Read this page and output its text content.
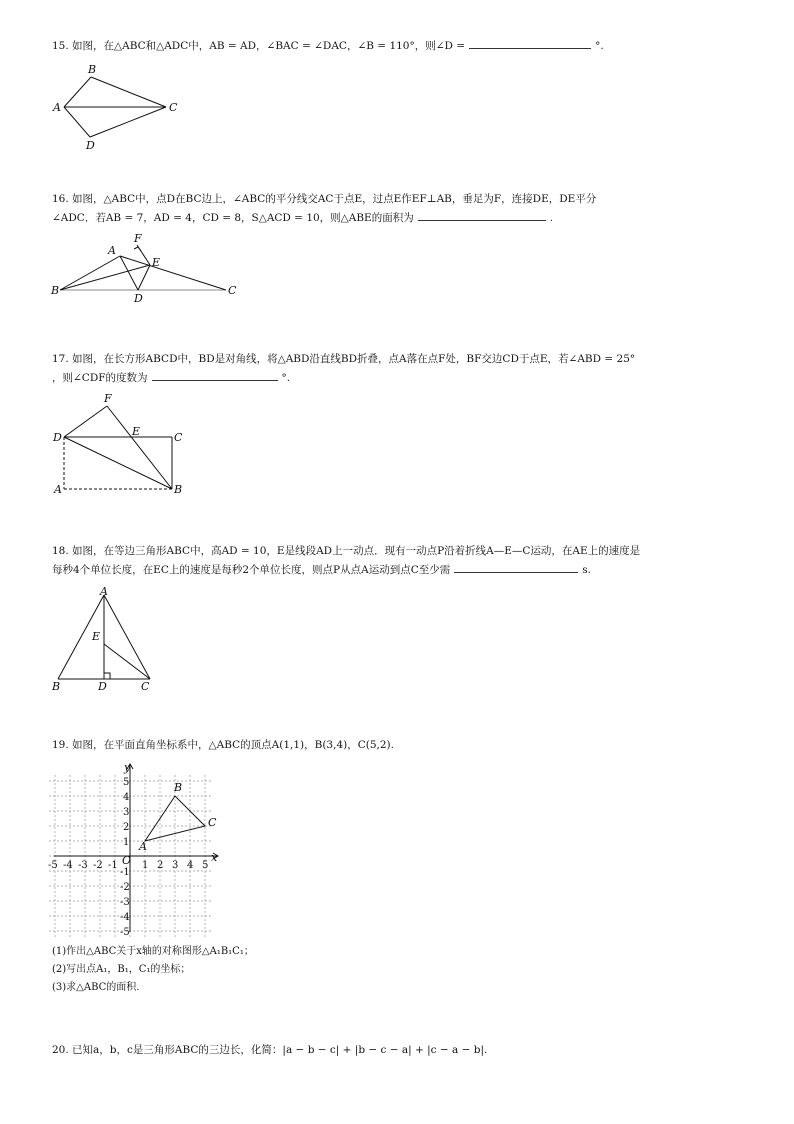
15. 如图，在△ABC和△ADC中，AB = AD，∠BAC = ∠DAC，∠B = 110°，则∠D =	°.
B
A	C
D
16. 如图，△ABC中，点D在BC边上，∠ABC的平分线交AC于点E，过点E作EF⊥AB，垂足为F，连接DE，DE平分
∠ADC．若AB = 7，AD = 4，CD = 8，S△ACD = 10，则△ABE的面积为	.
A
F
E
B
D
C
17. 如图，在长方形ABCD中，BD是对角线，将△ABD沿直线BD折叠，点A落在点F处，BF交边CD于点E，若∠ABD = 25°
，则∠CDF的度数为	°.
F
D	E	C
A	B
18. 如图，在等边三角形ABC中，高AD = 10，E是线段AD上一动点．现有一动点P沿着折线A—E—C运动，在AE上的速度是
每秒4个单位长度，在EC上的速度是每秒2个单位长度，则点P从点A运动到点C至少需	s.
A
E
B	D	C
19. 如图，在平面直角坐标系中，△ABC的顶点A(1,1)，B(3,4)，C(5,2).
-5 -4 -3 -2 -1 1 2 3 4 5
5
4
3
2
1
-1
-2
-3
-4
-5
A
B
C
O	x
y
(1)作出△ABC关于x轴的对称图形△A₁B₁C₁；
(2)写出点A₁，B₁，C₁的坐标；
(3)求△ABC的面积.
20. 已知a，b，c是三角形ABC的三边长，化简：|a − b − c| + |b − c − a| + |c − a − b|.
